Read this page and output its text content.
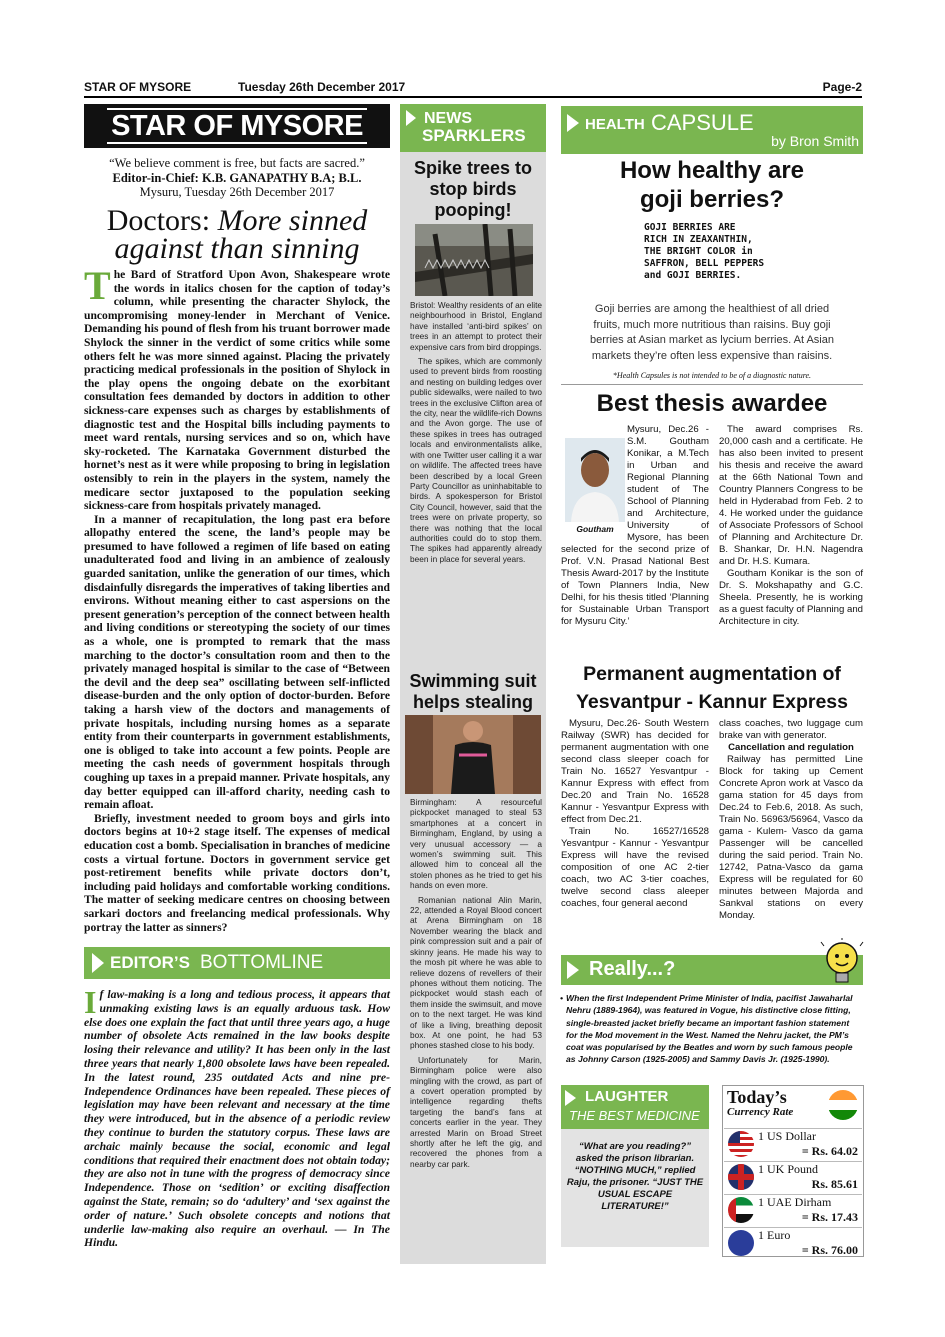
STAR OF MYSORE	Tuesday 26th December 2017	Page-2
STAR OF MYSORE
“We believe comment is free, but facts are sacred.”
Editor-in-Chief: K.B. GANAPATHY B.A; B.L.
Mysuru, Tuesday 26th December 2017
Doctors: More sinned
against than sinning

The Bard of Stratford Upon Avon, Shakespeare wrote the words in italics chosen for the caption of today’s column, while presenting the character Shylock, the uncompromising money-lender in Merchant of Venice. Demanding his pound of flesh from his truant borrower made Shylock the sinner in the verdict of some critics while some others felt he was more sinned against. Placing the privately practicing medical professionals in the position of Shylock in the play opens the ongoing debate on the exorbitant consultation fees demanded by doctors in addition to other sickness-care expenses such as charges by establishments of diagnostic test and the Hospital bills including payments to meet ward rentals, nursing services and so on, which have sky-rocketed. The Karnataka Government disturbed the hornet’s nest as it were while proposing to bring in legislation ostensibly to rein in the players in the system, namely the medicare sector juxtaposed to the population seeking sickness-care from hospitals privately managed.

In a manner of recapitulation, the long past era before allopathy entered the scene, the land’s people may be presumed to have followed a regimen of life based on eating unadulterated food and living in an ambience of zealously guarded sanitation, unlike the generation of our times, which disdainfully disregards the imperatives of taking liberties and environs. Without meaning either to cast aspersions on the present generation’s perception of the connect between health and living conditions or stereotyping the society of our times as a whole, one is prompted to remark that the mass marching to the doctor’s consultation room and then to the privately managed hospital is similar to the case of “Between the devil and the deep sea” oscillating between self-inflicted disease-burden and the only option of doctor-burden. Before taking a harsh view of the doctors and managements of private hospitals, including nursing homes as a separate entity from their counterparts in government establishments, one is obliged to take into account a few points. People are meeting the cash needs of government hospitals through coughing up taxes in a prepaid manner. Private hospitals, any day better equipped can ill-afford charity, needing cash to remain afloat.

Briefly, investment needed to groom boys and girls into doctors begins at 10+2 stage itself. The expenses of medical education cost a bomb. Specialisation in branches of medicine costs a virtual fortune. Doctors in government service get post-retirement benefits while private doctors don’t, including paid holidays and comfortable working conditions. The matter of seeking medicare centres on choosing between sarkari doctors and freelancing medical professionals. Why portray the latter as sinners?

EDITOR’S BOTTOMLINE
If law-making is a long and tedious process, it appears that unmaking existing laws is an equally arduous task. How else does one explain the fact that until three years ago, a huge number of obsolete Acts remained in the law books despite losing their relevance and utility? It has been only in the last three years that nearly 1,800 obsolete laws have been repealed. In the latest round, 235 outdated Acts and nine pre-Independence Ordinances have been repealed. These pieces of legislation may have been relevant and necessary at the time they were introduced, but in the absence of a periodic review they continue to burden the statutory corpus. These laws are archaic mainly because the social, economic and legal conditions that required their enactment does not obtain today; they are also not in tune with the progress of democracy since Independence. Those on ‘sedition’ or exciting disaffection against the State, remain; so do ‘adultery’ and ‘sex against the order of nature.’ Such obsolete concepts and notions that underlie law-making also require an overhaul. — In The Hindu.
NEWS
SPARKLERS
Spike trees to stop birds pooping!

Bristol: Wealthy residents of an elite neighbourhood in Bristol, England have installed ‘anti-bird spikes’ on trees in an attempt to protect their expensive cars from bird droppings.

The spikes, which are commonly used to prevent birds from roosting and nesting on building ledges over public sidewalks, were nailed to two trees in the exclusive Clifton area of the city, near the wildlife-rich Downs and the Avon gorge. The use of these spikes in trees has outraged locals and environmentalists alike, with one Twitter user calling it a war on wildlife. The affected trees have been described by a local Green Party Councillor as uninhabitable to birds. A spokesperson for Bristol City Council, however, said that the trees were on private property, so there was nothing that the local authorities could do to stop them. The spikes had apparently already been in place for several years.

Swimming suit helps stealing

Birmingham: A resourceful pickpocket managed to steal 53 smartphones at a concert in Birmingham, England, by using a very unusual accessory — a women’s swimming suit. This allowed him to conceal all the stolen phones as he tried to get his hands on even more.

Romanian national Alin Marin, 22, attended a Royal Blood concert at Arena Birmingham on 18 November wearing the black and pink compression suit and a pair of skinny jeans. He made his way to the mosh pit where he was able to relieve dozens of revellers of their phones without them noticing. The pickpocket would stash each of them inside the swimsuit, and move on to the next target. He was kind of like a living, breathing deposit box. At one point, he had 53 phones stashed close to his body.

Unfortunately for Marin, Birmingham police were also mingling with the crowd, as part of a covert operation prompted by intelligence regarding thefts targeting the band’s fans at concerts earlier in the year. They arrested Marin on Broad Street shortly after he left the gig, and recovered the phones from a nearby car park.

HEALTH CAPSULE
by Bron Smith
How healthy are
goji berries?
GOJI BERRIES ARE
RICH IN ZEAXANTHIN,
THE BRIGHT COLOR in
SAFFRON, BELL PEPPERS
and GOJI BERRIES.
Goji berries are among the healthiest of all dried fruits, much more nutritious than raisins. Buy goji berries at Asian market as lycium berries. At Asian markets they’re often less expensive than raisins.
*Health Capsules is not intended to be of a diagnostic nature.
Best thesis awardee
Goutham
Mysuru, Dec.26 - S.M. Goutham Konikar, a M.Tech in Urban and Regional Planning student of The School of Planning and Architecture, University of Mysore, has been selected for the second prize of Prof. V.N. Prasad National Best Thesis Award-2017 by the Institute of Town Planners India, New Delhi, for his thesis titled ‘Planning for Sustainable Urban Transport for Mysuru City.’

The award comprises Rs. 20,000 cash and a certificate. He has also been invited to present his thesis and receive the award at the 66th National Town and Country Planners Congress to be held in Hyderabad from Feb. 2 to 4. He worked under the guidance of Associate Professors of School of Planning and Architecture Dr. B. Shankar, Dr. H.N. Nagendra and Dr. H.S. Kumara.

Goutham Konikar is the son of Dr. S. Mokshapathy and G.C. Sheela. Presently, he is working as a guest faculty of Planning and Architecture in city.

Permanent augmentation of
Yesvantpur - Kannur Express

Mysuru, Dec.26- South Western Railway (SWR) has decided for permanent augmentation with one second class sleeper coach for Train No. 16527 Yesvantpur - Kannur Express with effect from Dec.20 and Train No. 16528 Kannur - Yesvantpur Express with effect from Dec.21.

Train No. 16527/16528 Yesvantpur - Kannur - Yesvantpur Express will have the revised composition of one AC 2-tier coach, two AC 3-tier coaches, twelve second class aleeper coaches, four general aecond

class coaches, two luggage cum brake van with generator.

Cancellation and regulation

Railway has permitted Line Block for taking up Cement Concrete Apron work at Vasco da gama station for 45 days from Dec.24 to Feb.6, 2018. As such, Train No. 56963/56964, Vasco da gama - Kulem- Vasco da gama Passenger will be cancelled during the said period. Train No. 12742, Patna-Vasco da gama Express will be regulated for 60 minutes between Majorda and Sankval stations on every Monday.

Really...?
• When the first Independent Prime Minister of India, pacifist Jawaharlal Nehru (1889-1964), was featured in Vogue, his distinctive close fitting, single-breasted jacket briefly became an important fashion statement for the Mod movement in the West. Named the Nehru jacket, the PM’s coat was popularised by the Beatles and worn by such famous people as Johnny Carson (1925-2005) and Sammy Davis Jr. (1925-1990).
LAUGHTER
THE BEST MEDICINE
“What are you reading?” asked the prison librarian. “NOTHING MUCH,” replied Raju, the prisoner. “JUST THE USUAL ESCAPE LITERATURE!”
Today’s
Currency Rate
1 US Dollar
= Rs. 64.02
1 UK Pound
Rs. 85.61
1 UAE Dirham
= Rs. 17.43
1 Euro
= Rs. 76.00
